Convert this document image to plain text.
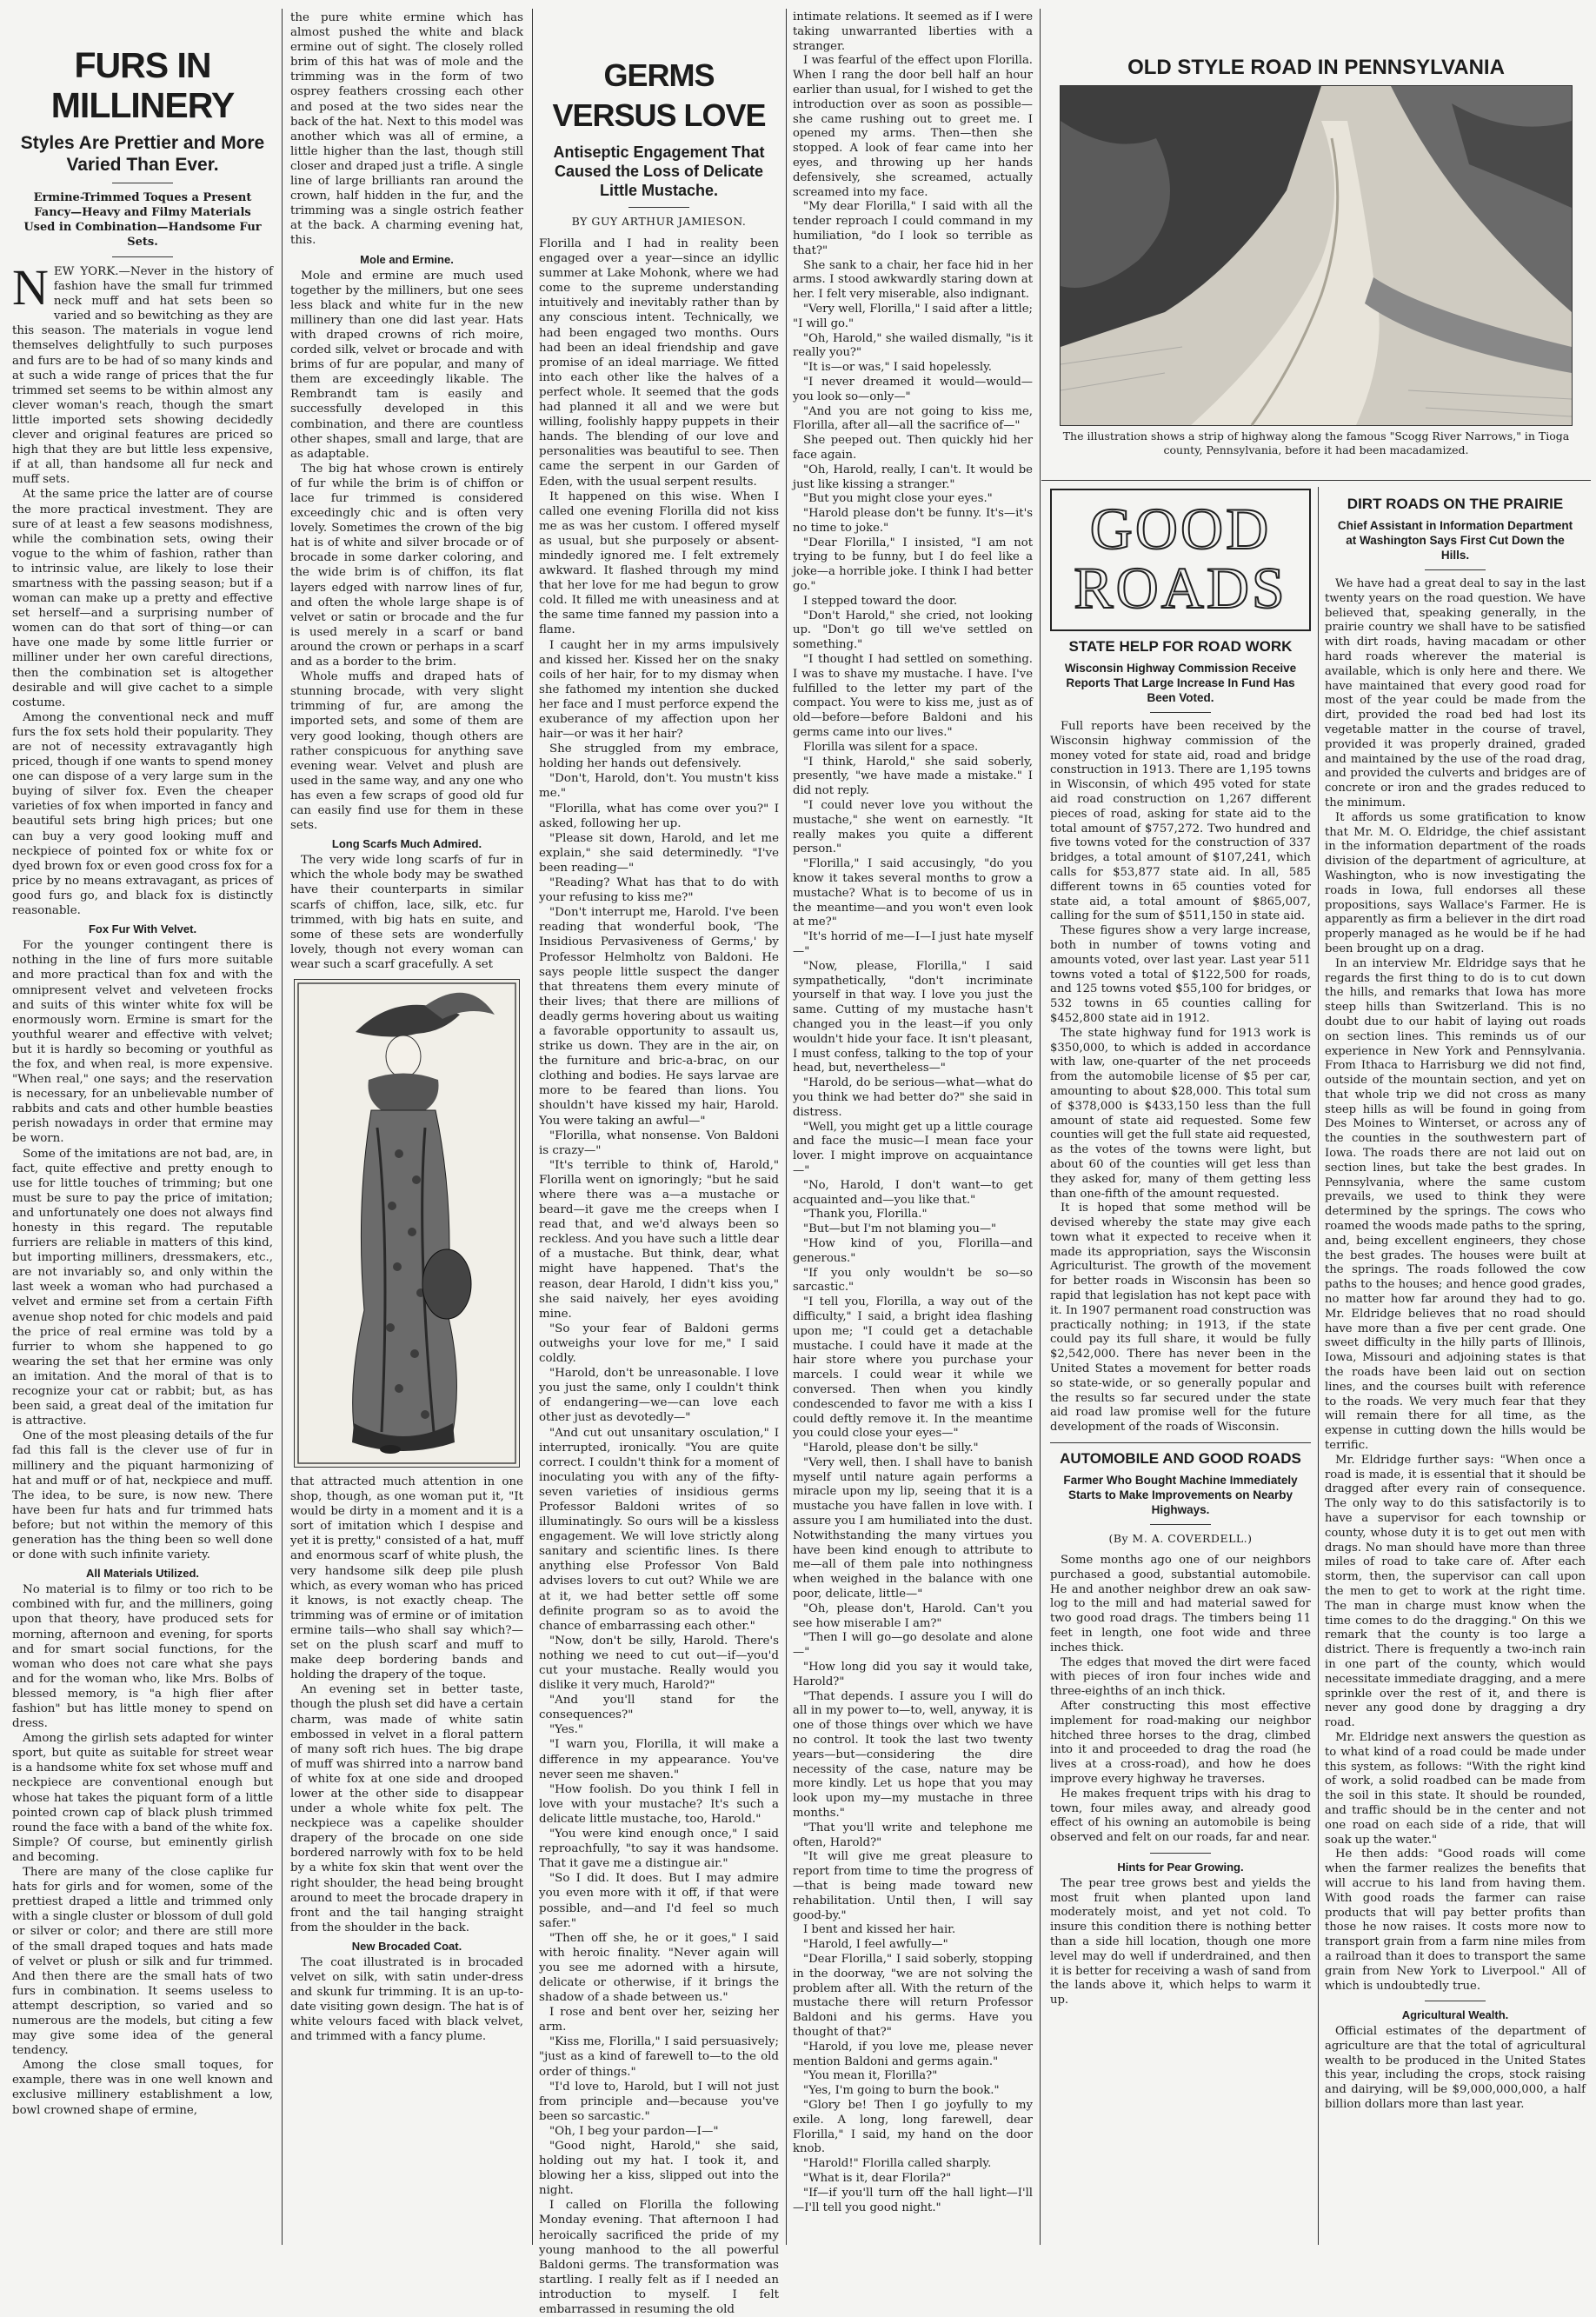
FURS IN MILLINERY
Styles Are Prettier and More Varied Than Ever.
Ermine-Trimmed Toques a Present Fancy—Heavy and Filmy Materials Used in Combination—Handsome Fur Sets.

NEW YORK.—Never in the history of fashion have the small fur trimmed neck muff and hat sets been so varied and so bewitching as they are this season. The materials in vogue lend themselves delightfully to such purposes and furs are to be had of so many kinds and at such a wide range of prices that the fur trimmed set seems to be within almost any clever woman's reach, though the smart little imported sets showing decidedly clever and original features are priced so high that they are but little less expensive, if at all, than handsome all fur neck and muff sets.

At the same price the latter are of course the more practical investment. They are sure of at least a few seasons modishness, while the combination sets, owing their vogue to the whim of fashion, rather than to intrinsic value, are likely to lose their smartness with the passing season; but if a woman can make up a pretty and effective set herself—and a surprising number of women can do that sort of thing—or can have one made by some little furrier or milliner under her own careful directions, then the combination set is altogether desirable and will give cachet to a simple costume.

Among the conventional neck and muff furs the fox sets hold their popularity. They are not of necessity extravagantly high priced, though if one wants to spend money one can dispose of a very large sum in the buying of silver fox. Even the cheaper varieties of fox when imported in fancy and beautiful sets bring high prices; but one can buy a very good looking muff and neckpiece of pointed fox or white fox or dyed brown fox or even good cross fox for a price by no means extravagant, as prices of good furs go, and black fox is distinctly reasonable.

Fox Fur With Velvet.

For the younger contingent there is nothing in the line of furs more suitable and more practical than fox and with the omnipresent velvet and velveteen frocks and suits of this winter white fox will be enormously worn. Ermine is smart for the youthful wearer and effective with velvet; but it is hardly so becoming or youthful as the fox, and when real, is more expensive. "When real," one says; and the reservation is necessary, for an unbelievable number of rabbits and cats and other humble beasties perish nowadays in order that ermine may be worn.

Some of the imitations are not bad, are, in fact, quite effective and pretty enough to use for little touches of trimming; but one must be sure to pay the price of imitation; and unfortunately one does not always find honesty in this regard. The reputable furriers are reliable in matters of this kind, but importing milliners, dressmakers, etc., are not invariably so, and only within the last week a woman who had purchased a velvet and ermine set from a certain Fifth avenue shop noted for chic models and paid the price of real ermine was told by a furrier to whom she happened to go wearing the set that her ermine was only an imitation. And the moral of that is to recognize your cat or rabbit; but, as has been said, a great deal of the imitation fur is attractive.

One of the most pleasing details of the fur fad this fall is the clever use of fur in millinery and the piquant harmonizing of hat and muff or of hat, neckpiece and muff. The idea, to be sure, is now new. There have been fur hats and fur trimmed hats before; but not within the memory of this generation has the thing been so well done or done with such infinite variety.

All Materials Utilized.

No material is to filmy or too rich to be combined with fur, and the milliners, going upon that theory, have produced sets for morning, afternoon and evening, for sports and for smart social functions, for the woman who does not care what she pays and for the woman who, like Mrs. Bolbs of blessed memory, is "a high flier after fashion" but has little money to spend on dress.

Among the girlish sets adapted for winter sport, but quite as suitable for street wear is a handsome white fox set whose muff and neckpiece are conventional enough but whose hat takes the piquant form of a little pointed crown cap of black plush trimmed round the face with a band of the white fox. Simple? Of course, but eminently girlish and becoming.

There are many of the close caplike fur hats for girls and for women, some of the prettiest draped a little and trimmed only with a single cluster or blossom of dull gold or silver or color; and there are still more of the small draped toques and hats made of velvet or plush or silk and fur trimmed. And then there are the small hats of two furs in combination. It seems useless to attempt description, so varied and so numerous are the models, but citing a few may give some idea of the general tendency.

Among the close small toques, for example, there was in one well known and exclusive millinery establishment a low, bowl crowned shape of ermine,

the pure white ermine which has almost pushed the white and black ermine out of sight. The closely rolled brim of this hat was of mole and the trimming was in the form of two osprey feathers crossing each other and posed at the two sides near the back of the hat. Next to this model was another which was all of ermine, a little higher than the last, though still closer and draped just a trifle. A single line of large brilliants ran around the crown, half hidden in the fur, and the trimming was a single ostrich feather at the back. A charming evening hat, this.

Mole and Ermine.

Mole and ermine are much used together by the milliners, but one sees less black and white fur in the new millinery than one did last year. Hats with draped crowns of rich moire, corded silk, velvet or brocade and with brims of fur are popular, and many of them are exceedingly likable. The Rembrandt tam is easily and successfully developed in this combination, and there are countless other shapes, small and large, that are as adaptable.

The big hat whose crown is entirely of fur while the brim is of chiffon or lace fur trimmed is considered exceedingly chic and is often very lovely. Sometimes the crown of the big hat is of white and silver brocade or of brocade in some darker coloring, and the wide brim is of chiffon, its flat layers edged with narrow lines of fur, and often the whole large shape is of velvet or satin or brocade and the fur is used merely in a scarf or band around the crown or perhaps in a scarf and as a border to the brim.

Whole muffs and draped hats of stunning brocade, with very slight trimming of fur, are among the imported sets, and some of them are very good looking, though others are rather conspicuous for anything save evening wear. Velvet and plush are used in the same way, and any one who has even a few scraps of good old fur can easily find use for them in these sets.

Long Scarfs Much Admired.

The very wide long scarfs of fur in which the whole body may be swathed have their counterparts in similar scarfs of chiffon, lace, silk, etc. fur trimmed, with big hats en suite, and some of these sets are wonderfully lovely, though not every woman can wear such a scarf gracefully. A set

that attracted much attention in one shop, though, as one woman put it, "It would be dirty in a moment and it is a sort of imitation which I despise and yet it is pretty," consisted of a hat, muff and enormous scarf of white plush, the very handsome silk deep pile plush which, as every woman who has priced it knows, is not exactly cheap. The trimming was of ermine or of imitation ermine tails—who shall say which?—set on the plush scarf and muff to make deep bordering bands and holding the drapery of the toque.

An evening set in better taste, though the plush set did have a certain charm, was made of white satin embossed in velvet in a floral pattern of many soft rich hues. The big drape of muff was shirred into a narrow band of white fox at one side and drooped lower at the other side to disappear under a whole white fox pelt. The neckpiece was a capelike shoulder drapery of the brocade on one side bordered narrowly with fox to be held by a white fox skin that went over the right shoulder, the head being brought around to meet the brocade drapery in front and the tail hanging straight from the shoulder in the back.

New Brocaded Coat.

The coat illustrated is in brocaded velvet on silk, with satin under-dress and skunk fur trimming. It is an up-to-date visiting gown design. The hat is of white velours faced with black velvet, and trimmed with a fancy plume.

GERMS VERSUS LOVE
Antiseptic Engagement That Caused the Loss of Delicate Little Mustache.
BY GUY ARTHUR JAMIESON.

Florilla and I had in reality been engaged over a year—since an idyllic summer at Lake Mohonk, where we had come to the supreme understanding intuitively and inevitably rather than by any conscious intent. Technically, we had been engaged two months. Ours had been an ideal friendship and gave promise of an ideal marriage. We fitted into each other like the halves of a perfect whole. It seemed that the gods had planned it all and we were but willing, foolishly happy puppets in their hands. The blending of our love and personalities was beautiful to see. Then came the serpent in our Garden of Eden, with the usual serpent results.

It happened on this wise. When I called one evening Florilla did not kiss me as was her custom. I offered myself as usual, but she purposely or absent-mindedly ignored me. I felt extremely awkward. It flashed through my mind that her love for me had begun to grow cold. It filled me with uneasiness and at the same time fanned my passion into a flame.

I caught her in my arms impulsively and kissed her. Kissed her on the snaky coils of her hair, for to my dismay when she fathomed my intention she ducked her face and I must perforce expend the exuberance of my affection upon her hair—or was it her hair?

She struggled from my embrace, holding her hands out defensively.

"Don't, Harold, don't. You mustn't kiss me."

"Florilla, what has come over you?" I asked, following her up.

"Please sit down, Harold, and let me explain," she said determinedly. "I've been reading—"

"Reading? What has that to do with your refusing to kiss me?"

"Don't interrupt me, Harold. I've been reading that wonderful book, 'The Insidious Pervasiveness of Germs,' by Professor Helmholtz von Baldoni. He says people little suspect the danger that threatens them every minute of their lives; that there are millions of deadly germs hovering about us waiting a favorable opportunity to assault us, strike us down. They are in the air, on the furniture and bric-a-brac, on our clothing and bodies. He says larvae are more to be feared than lions. You shouldn't have kissed my hair, Harold. You were taking an awful—"

"Florilla, what nonsense. Von Baldoni is crazy—"

"It's terrible to think of, Harold," Florilla went on ignoringly; "but he said where there was a—a mustache or beard—it gave me the creeps when I read that, and we'd always been so reckless. And you have such a little dear of a mustache. But think, dear, what might have happened. That's the reason, dear Harold, I didn't kiss you," she said naively, her eyes avoiding mine.

"So your fear of Baldoni germs outweighs your love for me," I said coldly.

"Harold, don't be unreasonable. I love you just the same, only I couldn't think of endangering—we—can love each other just as devotedly—"

"And cut out unsanitary osculation," I interrupted, ironically. "You are quite correct. I couldn't think for a moment of inoculating you with any of the fifty-seven varieties of insidious germs Professor Baldoni writes of so illuminatingly. So ours will be a kissless engagement. We will love strictly along sanitary and scientific lines. Is there anything else Professor Von Bald advises lovers to cut out? While we are at it, we had better settle off some definite program so as to avoid the chance of embarrassing each other."

"Now, don't be silly, Harold. There's nothing we need to cut out—if—you'd cut your mustache. Really would you dislike it very much, Harold?"

"And you'll stand for the consequences?"

"Yes."

"I warn you, Florilla, it will make a difference in my appearance. You've never seen me shaven."

"How foolish. Do you think I fell in love with your mustache? It's such a delicate little mustache, too, Harold."

"You were kind enough once," I said reproachfully, "to say it was handsome. That it gave me a distingue air."

"So I did. It does. But I may admire you even more with it off, if that were possible, and—and I'd feel so much safer."

"Then off she, he or it goes," I said with heroic finality. "Never again will you see me adorned with a hirsute, delicate or otherwise, if it brings the shadow of a shade between us."

I rose and bent over her, seizing her arm.

"Kiss me, Florilla," I said persuasively; "just as a kind of farewell to—to the old order of things."

"I'd love to, Harold, but I will not just from principle and—because you've been so sarcastic."

"Oh, I beg your pardon—I—"

"Good night, Harold," she said, holding out my hat. I took it, and blowing her a kiss, slipped out into the night.

I called on Florilla the following Monday evening. That afternoon I had heroically sacrificed the pride of my young manhood to the all powerful Baldoni germs. The transformation was startling. I really felt as if I needed an introduction to myself. I felt embarrassed in resuming the old

intimate relations. It seemed as if I were taking unwarranted liberties with a stranger.

I was fearful of the effect upon Florilla. When I rang the door bell half an hour earlier than usual, for I wished to get the introduction over as soon as possible—she came rushing out to greet me. I opened my arms. Then—then she stopped. A look of fear came into her eyes, and throwing up her hands defensively, she screamed, actually screamed into my face.

"My dear Florilla," I said with all the tender reproach I could command in my humiliation, "do I look so terrible as that?"

She sank to a chair, her face hid in her arms. I stood awkwardly staring down at her. I felt very miserable, also indignant.

"Very well, Florilla," I said after a little; "I will go."

"Oh, Harold," she wailed dismally, "is it really you?"

"It is—or was," I said hopelessly.

"I never dreamed it would—would—you look so—only—"

"And you are not going to kiss me, Florilla, after all—all the sacrifice of—"

She peeped out. Then quickly hid her face again.

"Oh, Harold, really, I can't. It would be just like kissing a stranger."

"But you might close your eyes."

"Harold please don't be funny. It's—it's no time to joke."

"Dear Florilla," I insisted, "I am not trying to be funny, but I do feel like a joke—a horrible joke. I think I had better go."

I stepped toward the door.

"Don't Harold," she cried, not looking up. "Don't go till we've settled on something."

"I thought I had settled on something. I was to shave my mustache. I have. I've fulfilled to the letter my part of the compact. You were to kiss me, just as of old—before—before Baldoni and his germs came into our lives."

Florilla was silent for a space.

"I think, Harold," she said soberly, presently, "we have made a mistake." I did not reply.

"I could never love you without the mustache," she went on earnestly. "It really makes you quite a different person."

"Florilla," I said accusingly, "do you know it takes several months to grow a mustache? What is to become of us in the meantime—and you won't even look at me?"

"It's horrid of me—I—I just hate myself—"

"Now, please, Florilla," I said sympathetically, "don't incriminate yourself in that way. I love you just the same. Cutting of my mustache hasn't changed you in the least—if you only wouldn't hide your face. It isn't pleasant, I must confess, talking to the top of your head, but, nevertheless—"

"Harold, do be serious—what—what do you think we had better do?" she said in distress.

"Well, you might get up a little courage and face the music—I mean face your lover. I might improve on acquaintance—"

"No, Harold, I don't want—to get acquainted and—you like that."

"Thank you, Florilla."

"But—but I'm not blaming you—"

"How kind of you, Florilla—and generous."

"If you only wouldn't be so—so sarcastic."

"I tell you, Florilla, a way out of the difficulty," I said, a bright idea flashing upon me; "I could get a detachable mustache. I could have it made at the hair store where you purchase your marcels. I could wear it while we conversed. Then when you kindly condescended to favor me with a kiss I could deftly remove it. In the meantime you could close your eyes—"

"Harold, please don't be silly."

"Very well, then. I shall have to banish myself until nature again performs a miracle upon my lip, seeing that it is a mustache you have fallen in love with. I assure you I am humiliated into the dust. Notwithstanding the many virtues you have been kind enough to attribute to me—all of them pale into nothingness when weighed in the balance with one poor, delicate, little—"

"Oh, please don't, Harold. Can't you see how miserable I am?"

"Then I will go—go desolate and alone—"

"How long did you say it would take, Harold?"

"That depends. I assure you I will do all in my power to—to, well, anyway, it is one of those things over which we have no control. It took the last two twenty years—but—considering the dire necessity of the case, nature may be more kindly. Let us hope that you may look upon my—my mustache in three months."

"That you'll write and telephone me often, Harold?"

"It will give me great pleasure to report from time to time the progress of—that is being made toward new rehabilitation. Until then, I will say good-by."

I bent and kissed her hair.

"Harold, I feel awfully—"

"Dear Florilla," I said soberly, stopping in the doorway, "we are not solving the problem after all. With the return of the mustache there will return Professor Baldoni and his germs. Have you thought of that?"

"Harold, if you love me, please never mention Baldoni and germs again."

"You mean it, Florilla?"

"Yes, I'm going to burn the book."

"Glory be! Then I go joyfully to my exile. A long, long farewell, dear Florilla," I said, my hand on the door knob.

"Harold!" Florilla called sharply.

"What is it, dear Florila?"

"If—if you'll turn off the hall light—I'll—I'll tell you good night."

OLD STYLE ROAD IN PENNSYLVANIA
The illustration shows a strip of highway along the famous "Scogg River Narrows," in Tioga county, Pennsylvania, before it had been macadamized.
GOOD
ROADS
STATE HELP FOR ROAD WORK
Wisconsin Highway Commission Receive Reports That Large Increase In Fund Has Been Voted.

Full reports have been received by the Wisconsin highway commission of the money voted for state aid, road and bridge construction in 1913. There are 1,195 towns in Wisconsin, of which 495 voted for state aid road construction on 1,267 different pieces of road, asking for state aid to the total amount of $757,272. Two hundred and five towns voted for the construction of 337 bridges, a total amount of $107,241, which calls for $53,877 state aid. In all, 585 different towns in 65 counties voted for state aid, a total amount of $865,007, calling for the sum of $511,150 in state aid.

These figures show a very large increase, both in number of towns voting and amounts voted, over last year. Last year 511 towns voted a total of $122,500 for roads, and 125 towns voted $55,100 for bridges, or 532 towns in 65 counties calling for $452,800 state aid in 1912.

The state highway fund for 1913 work is $350,000, to which is added in accordance with law, one-quarter of the net proceeds from the automobile license of $5 per car, amounting to about $28,000. This total sum of $378,000 is $433,150 less than the full amount of state aid requested. Some few counties will get the full state aid requested, as the votes of the towns were light, but about 60 of the counties will get less than they asked for, many of them getting less than one-fifth of the amount requested.

It is hoped that some method will be devised whereby the state may give each town what it expected to receive when it made its appropriation, says the Wisconsin Agriculturist. The growth of the movement for better roads in Wisconsin has been so rapid that legislation has not kept pace with it. In 1907 permanent road construction was practically nothing; in 1913, if the state could pay its full share, it would be fully $2,542,000. There has never been in the United States a movement for better roads so state-wide, or so generally popular and the results so far secured under the state aid road law promise well for the future development of the roads of Wisconsin.

AUTOMOBILE AND GOOD ROADS
Farmer Who Bought Machine Immediately Starts to Make Improvements on Nearby Highways.
(By M. A. COVERDELL.)

Some months ago one of our neighbors purchased a good, substantial automobile. He and another neighbor drew an oak saw-log to the mill and had material sawed for two good road drags. The timbers being 11 feet in length, one foot wide and three inches thick.

The edges that moved the dirt were faced with pieces of iron four inches wide and three-eighths of an inch thick.

After constructing this most effective implement for road-making our neighbor hitched three horses to the drag, climbed into it and proceeded to drag the road (he lives at a cross-road), and how he does improve every highway he traverses.

He makes frequent trips with his drag to town, four miles away, and already good effect of his owning an automobile is being observed and felt on our roads, far and near.

Hints for Pear Growing.

The pear tree grows best and yields the most fruit when planted upon land moderately moist, and yet not cold. To insure this condition there is nothing better than a side hill location, though one more level may do well if underdrained, and then it is better for receiving a wash of sand from the lands above it, which helps to warm it up.

DIRT ROADS ON THE PRAIRIE
Chief Assistant in Information Department at Washington Says First Cut Down the Hills.

We have had a great deal to say in the last twenty years on the road question. We have believed that, speaking generally, in the prairie country we shall have to be satisfied with dirt roads, having macadam or other hard roads wherever the material is available, which is only here and there. We have maintained that every good road for most of the year could be made from the dirt, provided the road bed had lost its vegetable matter in the course of travel, provided it was properly drained, graded and maintained by the use of the road drag, and provided the culverts and bridges are of concrete or iron and the grades reduced to the minimum.

It affords us some gratification to know that Mr. M. O. Eldridge, the chief assistant in the information department of the roads division of the department of agriculture, at Washington, who is now investigating the roads in Iowa, full endorses all these propositions, says Wallace's Farmer. He is apparently as firm a believer in the dirt road properly managed as he would be if he had been brought up on a drag.

In an interview Mr. Eldridge says that he regards the first thing to do is to cut down the hills, and remarks that Iowa has more steep hills than Switzerland. This is no doubt due to our habit of laying out roads on section lines. This reminds us of our experience in New York and Pennsylvania. From Ithaca to Harrisburg we did not find, outside of the mountain section, and yet on that whole trip we did not cross as many steep hills as will be found in going from Des Moines to Winterset, or across any of the counties in the southwestern part of Iowa. The roads there are not laid out on section lines, but take the best grades. In Pennsylvania, where the same custom prevails, we used to think they were determined by the springs. The cows who roamed the woods made paths to the spring, and, being excellent engineers, they chose the best grades. The houses were built at the springs. The roads followed the cow paths to the houses; and hence good grades, no matter how far around they had to go. Mr. Eldridge believes that no road should have more than a five per cent grade. One sweet difficulty in the hilly parts of Illinois, Iowa, Missouri and adjoining states is that the roads have been laid out on section lines, and the courses built with reference to the roads. We very much fear that they will remain there for all time, as the expense in cutting down the hills would be terrific.

Mr. Eldridge further says: "When once a road is made, it is essential that it should be dragged after every rain of consequence. The only way to do this satisfactorily is to have a supervisor for each township or county, whose duty it is to get out men with drags. No man should have more than three miles of road to take care of. After each storm, then, the supervisor can call upon the men to get to work at the right time. The man in charge must know when the time comes to do the dragging." On this we remark that the county is too large a district. There is frequently a two-inch rain in one part of the county, which would necessitate immediate dragging, and a mere sprinkle over the rest of it, and there is never any good done by dragging a dry road.

Mr. Eldridge next answers the question as to what kind of a road could be made under this system, as follows: "With the right kind of work, a solid roadbed can be made from the soil in this state. It should be rounded, and traffic should be in the center and not one road on each side of a ride, that will soak up the water."

He then adds: "Good roads will come when the farmer realizes the benefits that will accrue to his land from having them. With good roads the farmer can raise products that will pay better profits than those he now raises. It costs more now to transport grain from a farm nine miles from a railroad than it does to transport the same grain from New York to Liverpool." All of which is undoubtedly true.

Agricultural Wealth.

Official estimates of the department of agriculture are that the total of agricultural wealth to be produced in the United States this year, including the crops, stock raising and dairying, will be $9,000,000,000, a half billion dollars more than last year.
